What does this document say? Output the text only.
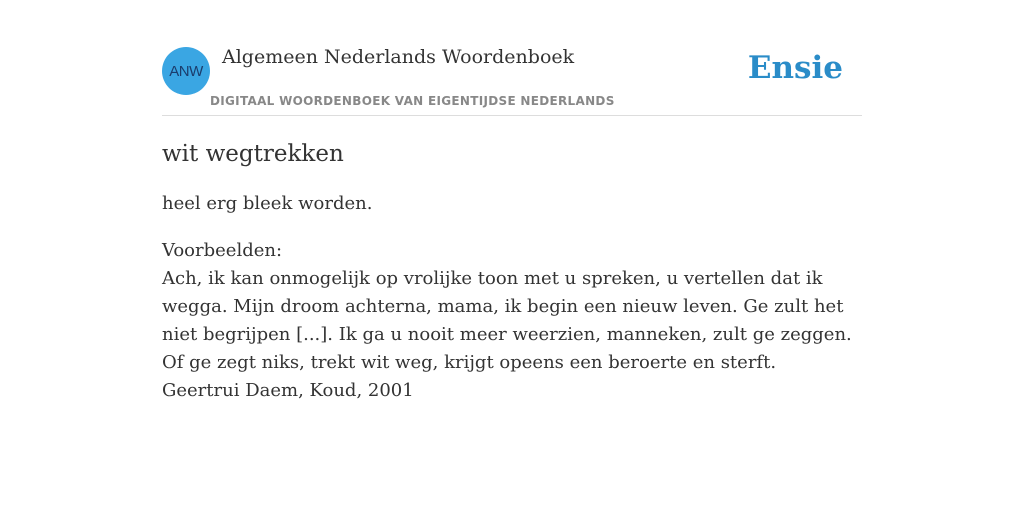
ANW
Algemeen Nederlands Woordenboek
DIGITAAL WOORDENBOEK VAN EIGENTIJDSE NEDERLANDS
Ensie
wit wegtrekken

heel erg bleek worden.

Voorbeelden:
Ach, ik kan onmogelijk op vrolijke toon met u spreken, u vertellen dat ik wegga. Mijn droom achterna, mama, ik begin een nieuw leven. Ge zult het niet begrijpen [...]. Ik ga u nooit meer weerzien, manneken, zult ge zeggen. Of ge zegt niks, trekt wit weg, krijgt opeens een beroerte en sterft.
Geertrui Daem, Koud, 2001
